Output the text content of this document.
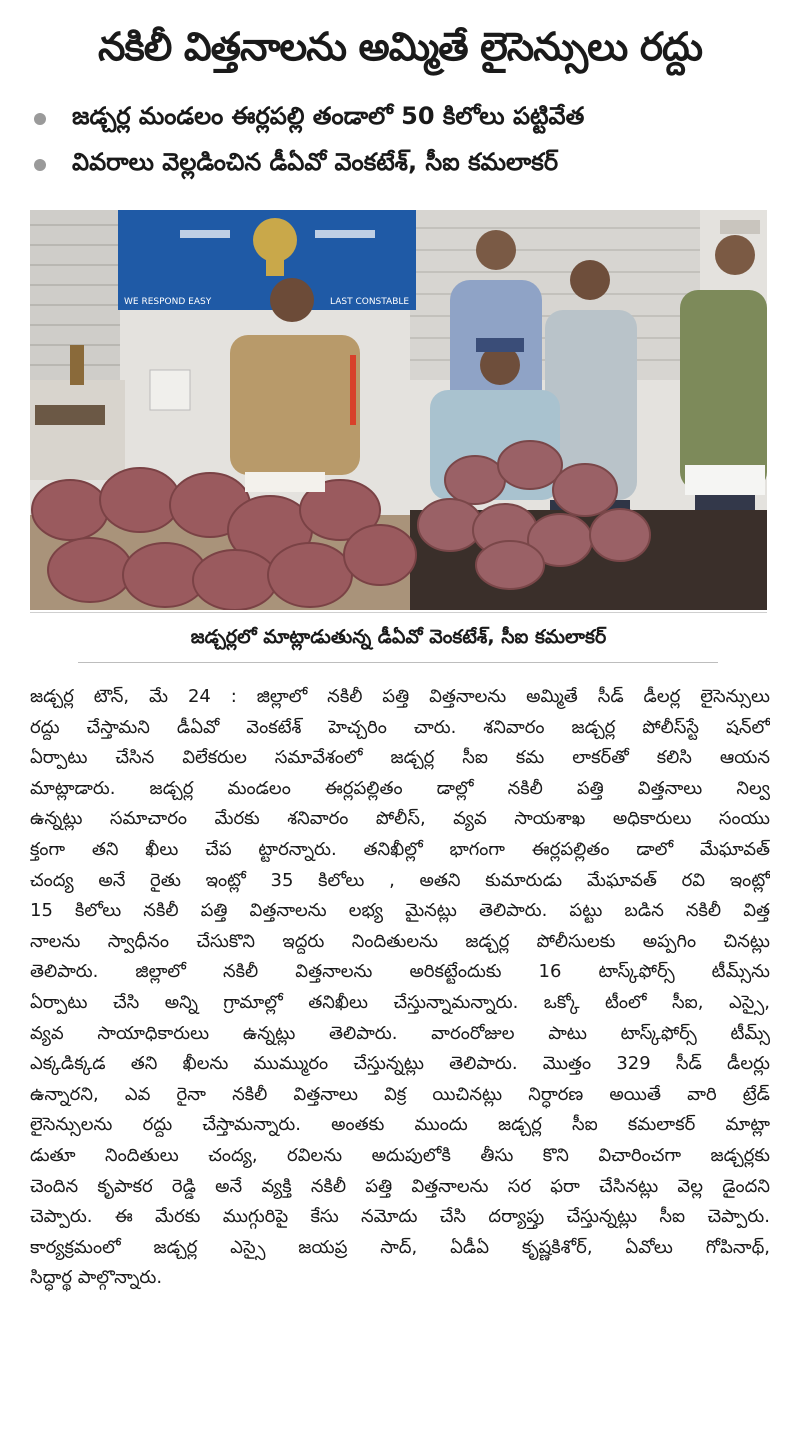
నకిలీ విత్తనాలను అమ్మితే లైసెన్సులు రద్దు
జడ్చర్ల మండలం ఈర్లపల్లి తండాలో 50 కిలోలు పట్టివేత
వివరాలు వెల్లడించిన డీఏవో వెంకటేశ్, సీఐ కమలాకర్
WE RESPOND EASY	LAST CONSTABLE
జడ్చర్లలో మాట్లాడుతున్న డీఏవో వెంకటేశ్, సీఐ కమలాకర్
జడ్చర్ల టౌన్, మే 24 : జిల్లాలో నకిలీ పత్తి విత్తనాలను అమ్మితే సీడ్ డీలర్ల లైసెన్సులు
రద్దు చేస్తామని డీఏవో వెంకటేశ్ హెచ్చరిం చారు. శనివారం జడ్చర్ల పోలీస్‌స్టే షన్‌లో
ఏర్పాటు చేసిన విలేకరుల సమావేశంలో జడ్చర్ల సీఐ కమ లాకర్‌తో కలిసి ఆయన
మాట్లాడారు. జడ్చర్ల మండలం ఈర్లపల్లితం డాల్లో నకిలీ పత్తి విత్తనాలు నిల్వ
ఉన్నట్లు సమాచారం మేరకు శనివారం పోలీస్, వ్యవ సాయశాఖ అధికారులు సంయు
క్తంగా తని ఖీలు చేప ట్టారన్నారు. తనిఖీల్లో భాగంగా ఈర్లపల్లితం డాలో మేఘావత్
చంద్య అనే రైతు ఇంట్లో 35 కిలోలు , అతని కుమారుడు మేఘావత్ రవి ఇంట్లో
15 కిలోలు నకిలీ పత్తి విత్తనాలను లభ్య మైనట్లు తెలిపారు. పట్టు బడిన నకిలీ విత్త
నాలను స్వాధీనం చేసుకొని ఇద్దరు నిందితులను జడ్చర్ల పోలీసులకు అప్పగిం చినట్లు
తెలిపారు. జిల్లాలో నకిలీ విత్తనాలను అరికట్టేందుకు 16 టాస్క్‌ఫోర్స్ టీమ్స్‌ను
ఏర్పాటు చేసి అన్ని గ్రామాల్లో తనిఖీలు చేస్తున్నామన్నారు. ఒక్కో టీంలో సీఐ, ఎస్సై,
వ్యవ సాయాధికారులు ఉన్నట్లు తెలిపారు. వారంరోజుల పాటు టాస్క్‌ఫోర్స్ టీమ్స్
ఎక్కడిక్కడ తని ఖీలను ముమ్మురం చేస్తున్నట్లు తెలిపారు. మొత్తం 329 సీడ్ డీలర్లు
ఉన్నారని, ఎవ రైనా నకిలీ విత్తనాలు విక్ర యిచినట్లు నిర్ధారణ అయితే వారి ట్రేడ్
లైసెన్సులను రద్దు చేస్తామన్నారు. అంతకు ముందు జడ్చర్ల సీఐ కమలాకర్ మాట్లా
డుతూ నిందితులు చంద్య, రవిలను అదుపులోకి తీసు కొని విచారించగా జడ్చర్లకు
చెందిన కృపాకర రెడ్డి అనే వ్యక్తి నకిలీ పత్తి విత్తనాలను సర ఫరా చేసినట్లు వెల్ల డైందని
చెప్పారు. ఈ మేరకు ముగ్గురిపై కేసు నమోదు చేసి దర్యాప్తు చేస్తున్నట్లు సీఐ చెప్పారు.
కార్యక్రమంలో జడ్చర్ల ఎస్సై జయప్ర సాద్, ఏడీఏ కృష్ణకిశోర్, ఏవోలు గోపినాథ్,
సిద్ధార్థ పాల్గొన్నారు.
